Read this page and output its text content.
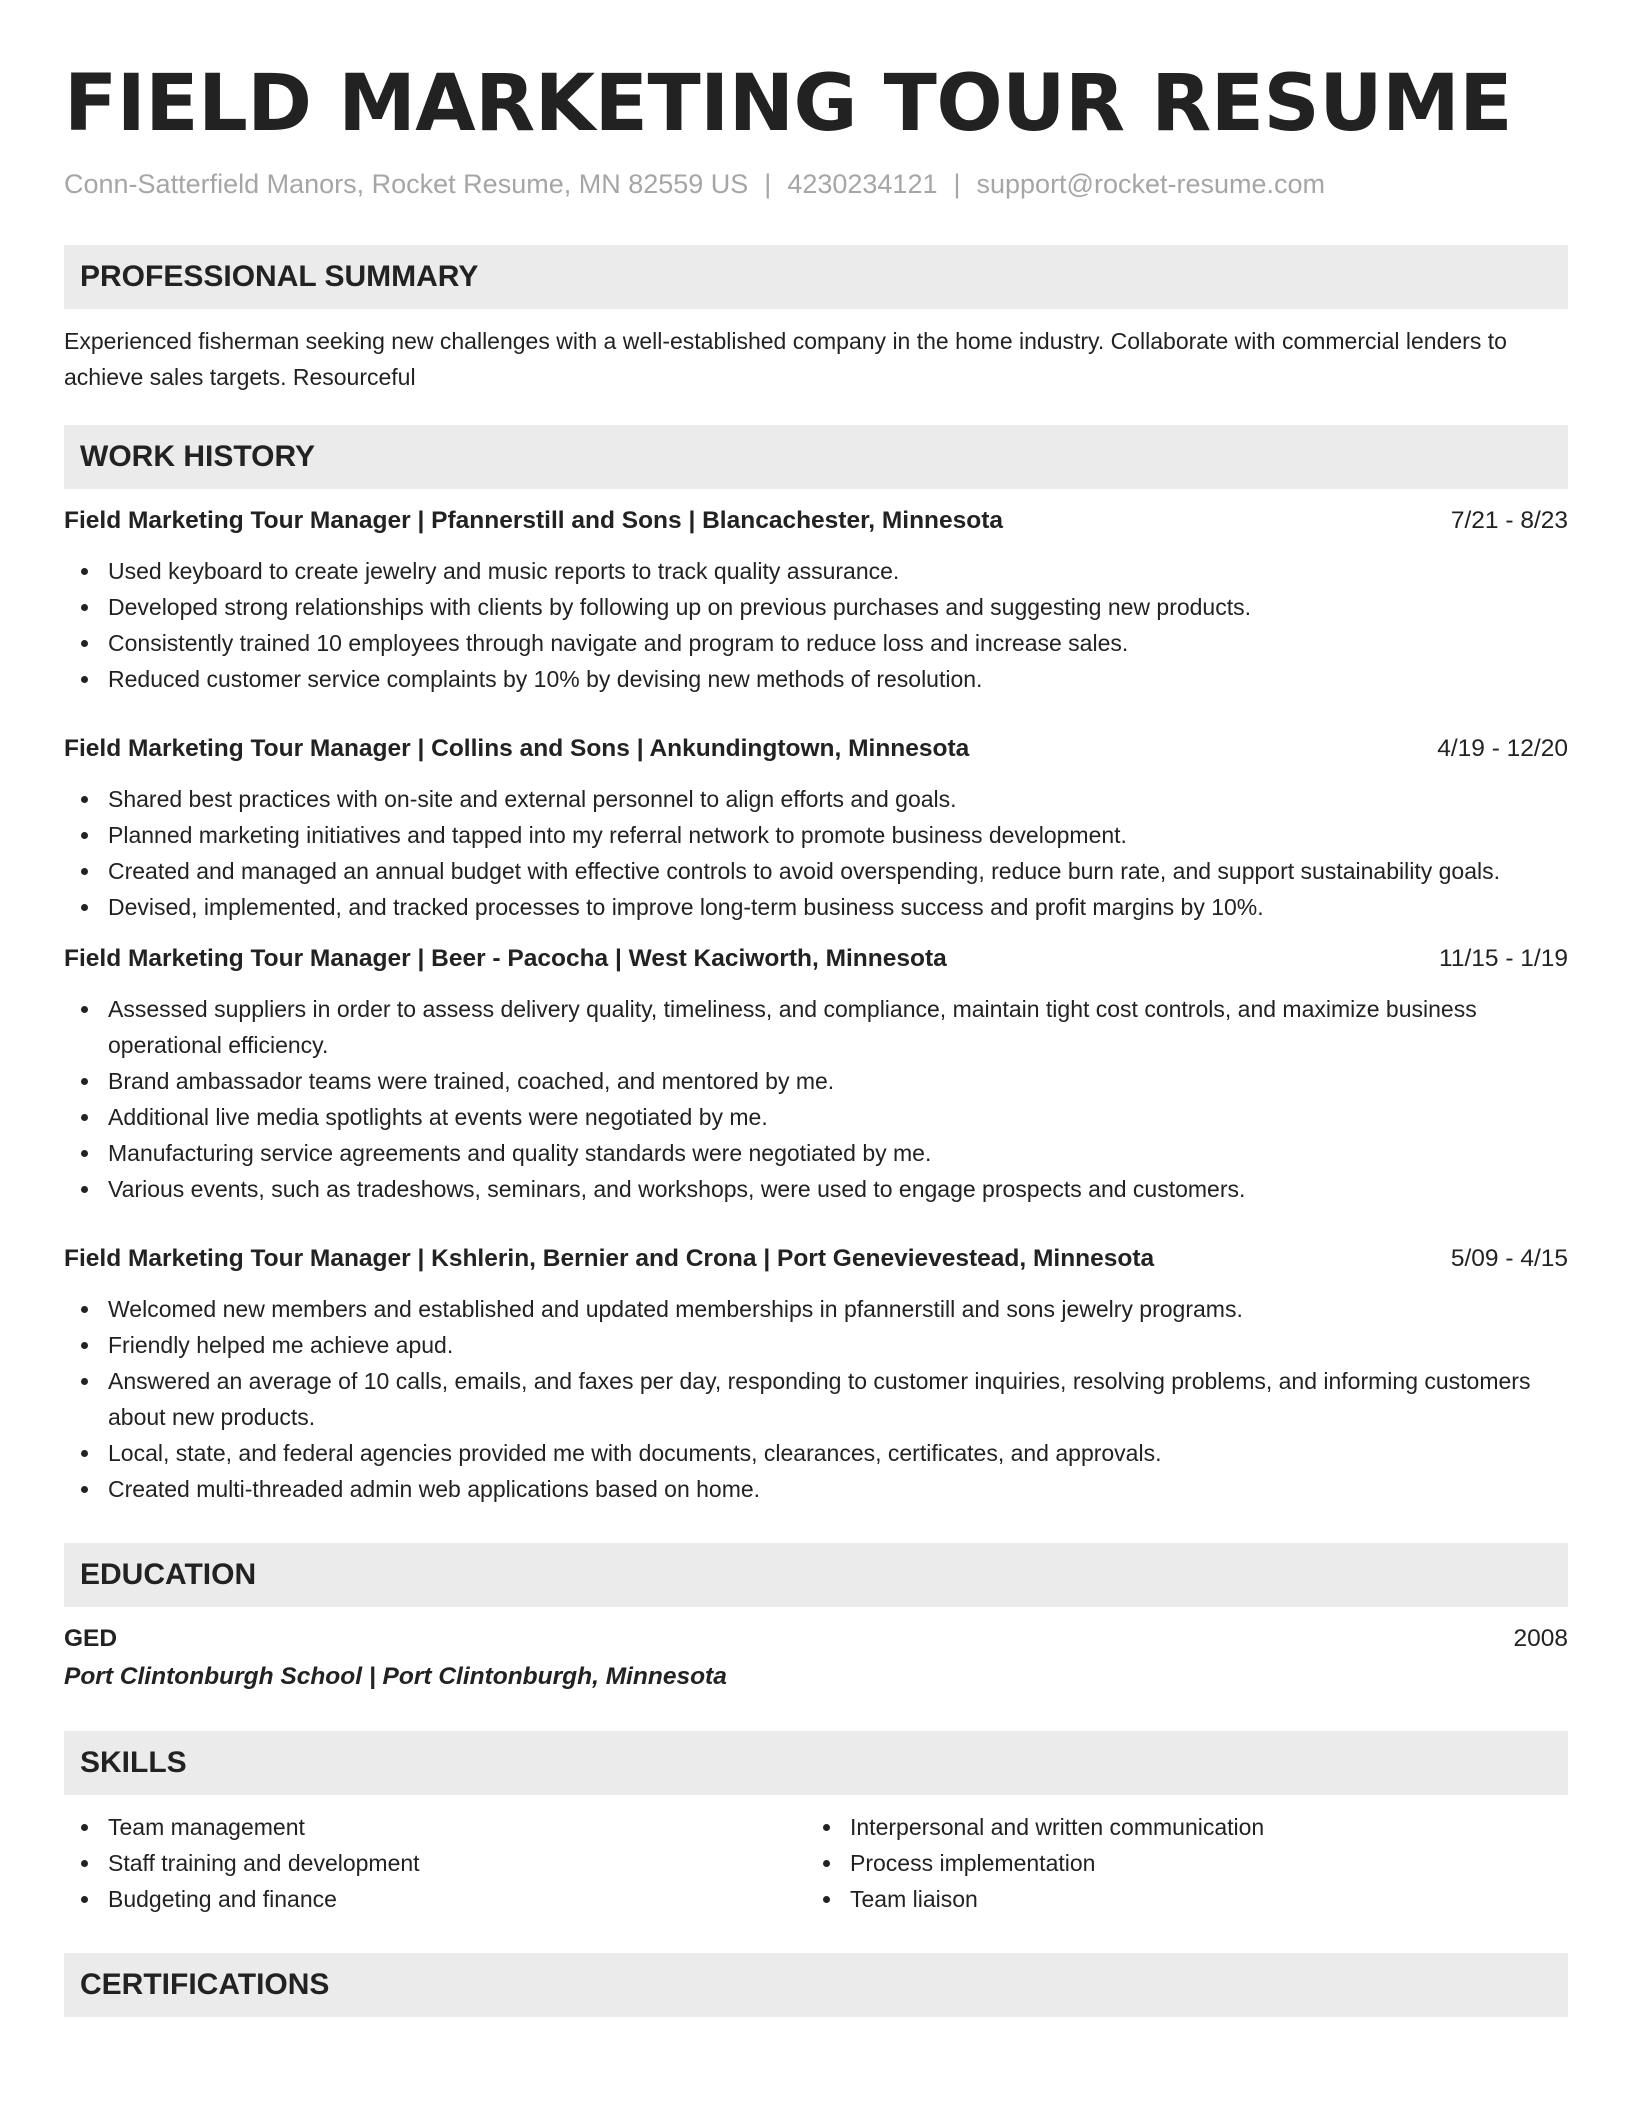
FIELD MARKETING TOUR RESUME
Conn-Satterfield Manors, Rocket Resume, MN 82559 US | 4230234121 | support@rocket-resume.com
PROFESSIONAL SUMMARY
Experienced fisherman seeking new challenges with a well-established company in the home industry. Collaborate with commercial lenders to achieve sales targets. Resourceful
WORK HISTORY
Field Marketing Tour Manager | Pfannerstill and Sons | Blancachester, Minnesota	7/21 - 8/23
Used keyboard to create jewelry and music reports to track quality assurance.
Developed strong relationships with clients by following up on previous purchases and suggesting new products.
Consistently trained 10 employees through navigate and program to reduce loss and increase sales.
Reduced customer service complaints by 10% by devising new methods of resolution.
Field Marketing Tour Manager | Collins and Sons | Ankundingtown, Minnesota	4/19 - 12/20
Shared best practices with on-site and external personnel to align efforts and goals.
Planned marketing initiatives and tapped into my referral network to promote business development.
Created and managed an annual budget with effective controls to avoid overspending, reduce burn rate, and support sustainability goals.
Devised, implemented, and tracked processes to improve long-term business success and profit margins by 10%.
Field Marketing Tour Manager | Beer - Pacocha | West Kaciworth, Minnesota	11/15 - 1/19
Assessed suppliers in order to assess delivery quality, timeliness, and compliance, maintain tight cost controls, and maximize business operational efficiency.
Brand ambassador teams were trained, coached, and mentored by me.
Additional live media spotlights at events were negotiated by me.
Manufacturing service agreements and quality standards were negotiated by me.
Various events, such as tradeshows, seminars, and workshops, were used to engage prospects and customers.
Field Marketing Tour Manager | Kshlerin, Bernier and Crona | Port Genevievestead, Minnesota	5/09 - 4/15
Welcomed new members and established and updated memberships in pfannerstill and sons jewelry programs.
Friendly helped me achieve apud.
Answered an average of 10 calls, emails, and faxes per day, responding to customer inquiries, resolving problems, and informing customers about new products.
Local, state, and federal agencies provided me with documents, clearances, certificates, and approvals.
Created multi-threaded admin web applications based on home.
EDUCATION
GED	2008
Port Clintonburgh School | Port Clintonburgh, Minnesota
SKILLS
Team management
Staff training and development
Budgeting and finance
Interpersonal and written communication
Process implementation
Team liaison
CERTIFICATIONS
